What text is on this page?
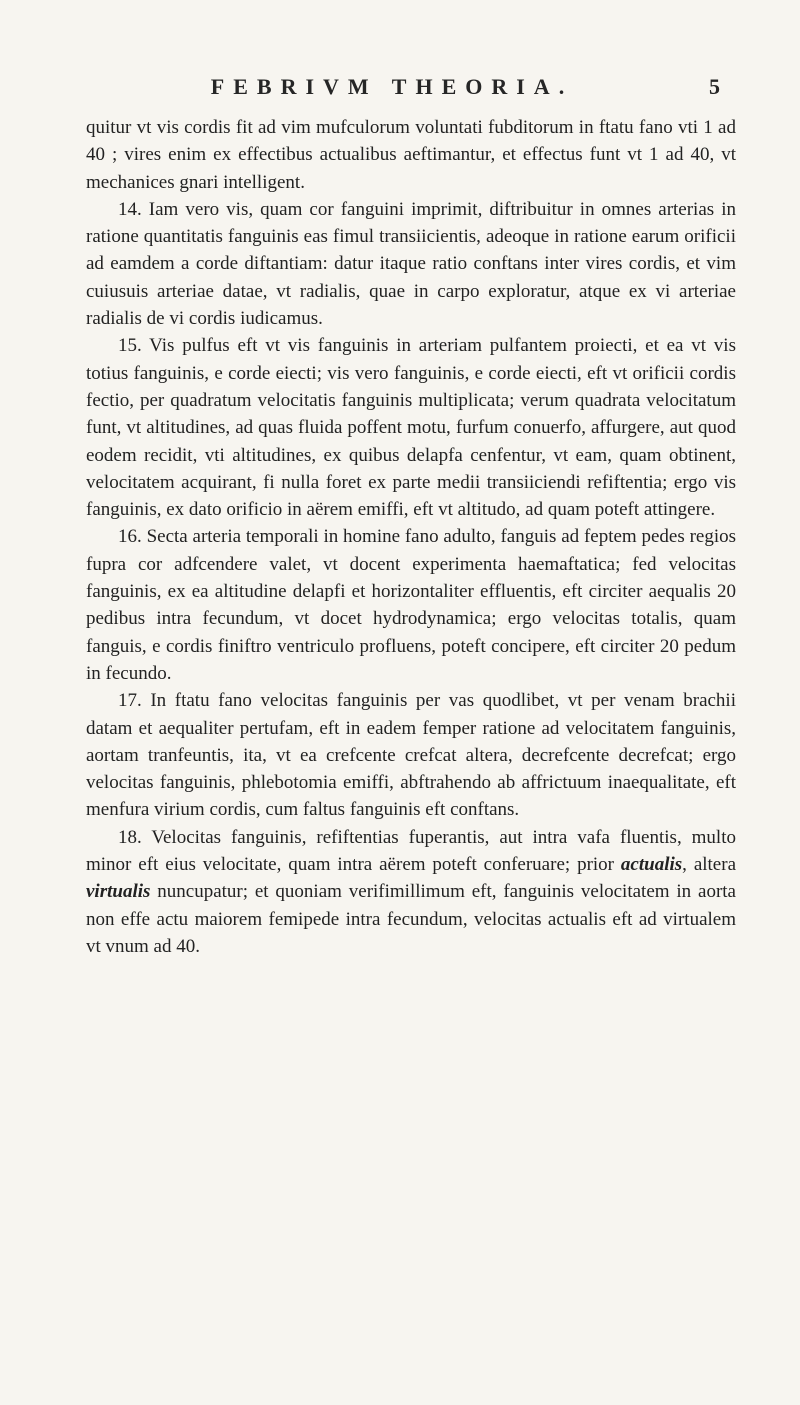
FEBRIVM THEORIA.	5

quitur vt vis cordis fit ad vim mufculorum voluntati fubditorum in ftatu fano vti 1 ad 40 ; vires enim ex effectibus actualibus aeftimantur, et effectus funt vt 1 ad 40, vt mechanices gnari intelligent.

14. Iam vero vis, quam cor fanguini imprimit, diftribuitur in omnes arterias in ratione quantitatis fanguinis eas fimul transiicientis, adeoque in ratione earum orificii ad eamdem a corde diftantiam: datur itaque ratio conftans inter vires cordis, et vim cuiusuis arteriae datae, vt radialis, quae in carpo exploratur, atque ex vi arteriae radialis de vi cordis iudicamus.

15. Vis pulfus eft vt vis fanguinis in arteriam pulfantem proiecti, et ea vt vis totius fanguinis, e corde eiecti; vis vero fanguinis, e corde eiecti, eft vt orificii cordis fectio, per quadratum velocitatis fanguinis multiplicata; verum quadrata velocitatum funt, vt altitudines, ad quas fluida poffent motu, furfum conuerfo, affurgere, aut quod eodem recidit, vti altitudines, ex quibus delapfa cenfentur, vt eam, quam obtinent, velocitatem acquirant, fi nulla foret ex parte medii transiiciendi refiftentia; ergo vis fanguinis, ex dato orificio in aërem emiffi, eft vt altitudo, ad quam poteft attingere.

16. Secta arteria temporali in homine fano adulto, fanguis ad feptem pedes regios fupra cor adfcendere valet, vt docent experimenta haemaftatica; fed velocitas fanguinis, ex ea altitudine delapfi et horizontaliter effluentis, eft circiter aequalis 20 pedibus intra fecundum, vt docet hydrodynamica; ergo velocitas totalis, quam fanguis, e cordis finiftro ventriculo profluens, poteft concipere, eft circiter 20 pedum in fecundo.

17. In ftatu fano velocitas fanguinis per vas quodlibet, vt per venam brachii datam et aequaliter pertufam, eft in eadem femper ratione ad velocitatem fanguinis, aortam tranfeuntis, ita, vt ea crefcente crefcat altera, decrefcente decrefcat; ergo velocitas fanguinis, phlebotomia emiffi, abftrahendo ab affrictuum inaequalitate, eft menfura virium cordis, cum faltus fanguinis eft conftans.

18. Velocitas fanguinis, refiftentias fuperantis, aut intra vafa fluentis, multo minor eft eius velocitate, quam intra aërem poteft conferuare; prior actualis, altera virtualis nuncupatur; et quoniam verifimillimum eft, fanguinis velocitatem in aorta non effe actu maiorem femipede intra fecundum, velocitas actualis eft ad virtualem vt vnum ad 40.
